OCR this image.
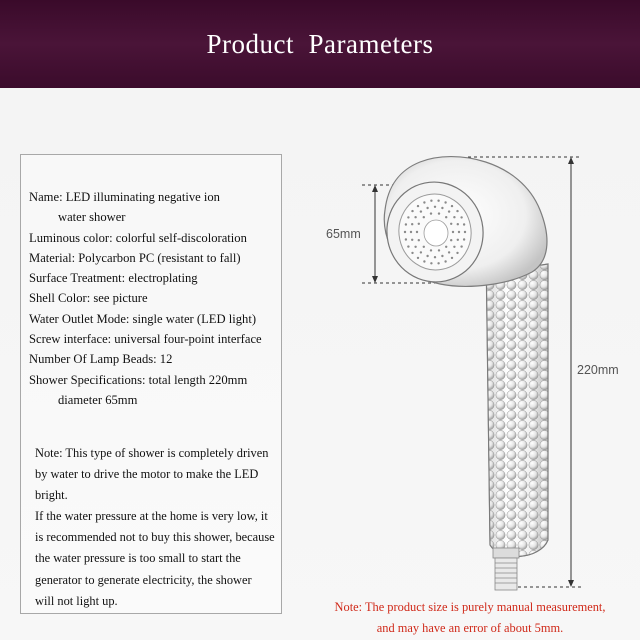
Product  Parameters
Name: LED illuminating negative ion
water shower
Luminous color: colorful self-discoloration
Material: Polycarbon PC (resistant to fall)
Surface Treatment: electroplating
Shell Color: see picture
Water Outlet Mode: single water (LED light)
Screw interface: universal four-point interface
Number Of Lamp Beads: 12
Shower Specifications: total length 220mm
diameter 65mm
Note: This type of shower is completely driven
by water to drive the motor to make the LED
bright.
If the water pressure at the home is very low, it
is recommended not to buy this shower, because
the water pressure is too small to start the
generator to generate electricity, the shower
will not light up.
65mm
220mm
Note: The product size is purely manual measurement,
and may have an error of about 5mm.
